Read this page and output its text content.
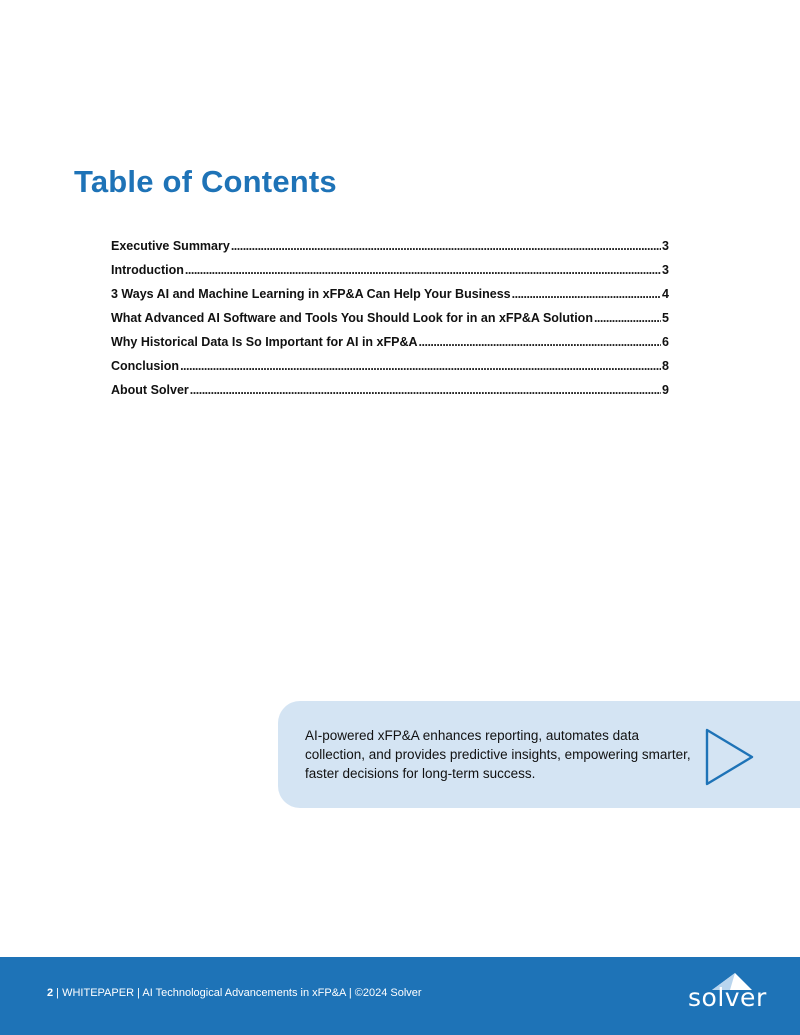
Table of Contents
Executive Summary .....	3
Introduction .....	3
3 Ways AI and Machine Learning in xFP&A Can Help Your Business .....	4
What Advanced AI Software and Tools You Should Look for in an xFP&A Solution .....	5
Why Historical Data Is So Important for AI in xFP&A .....	6
Conclusion .....	8
About Solver .....	9

AI-powered xFP&A enhances reporting, automates data collection, and provides predictive insights, empowering smarter, faster decisions for long-term success.

2 | WHITEPAPER | AI Technological Advancements in xFP&A | ©2024 Solver	solver
